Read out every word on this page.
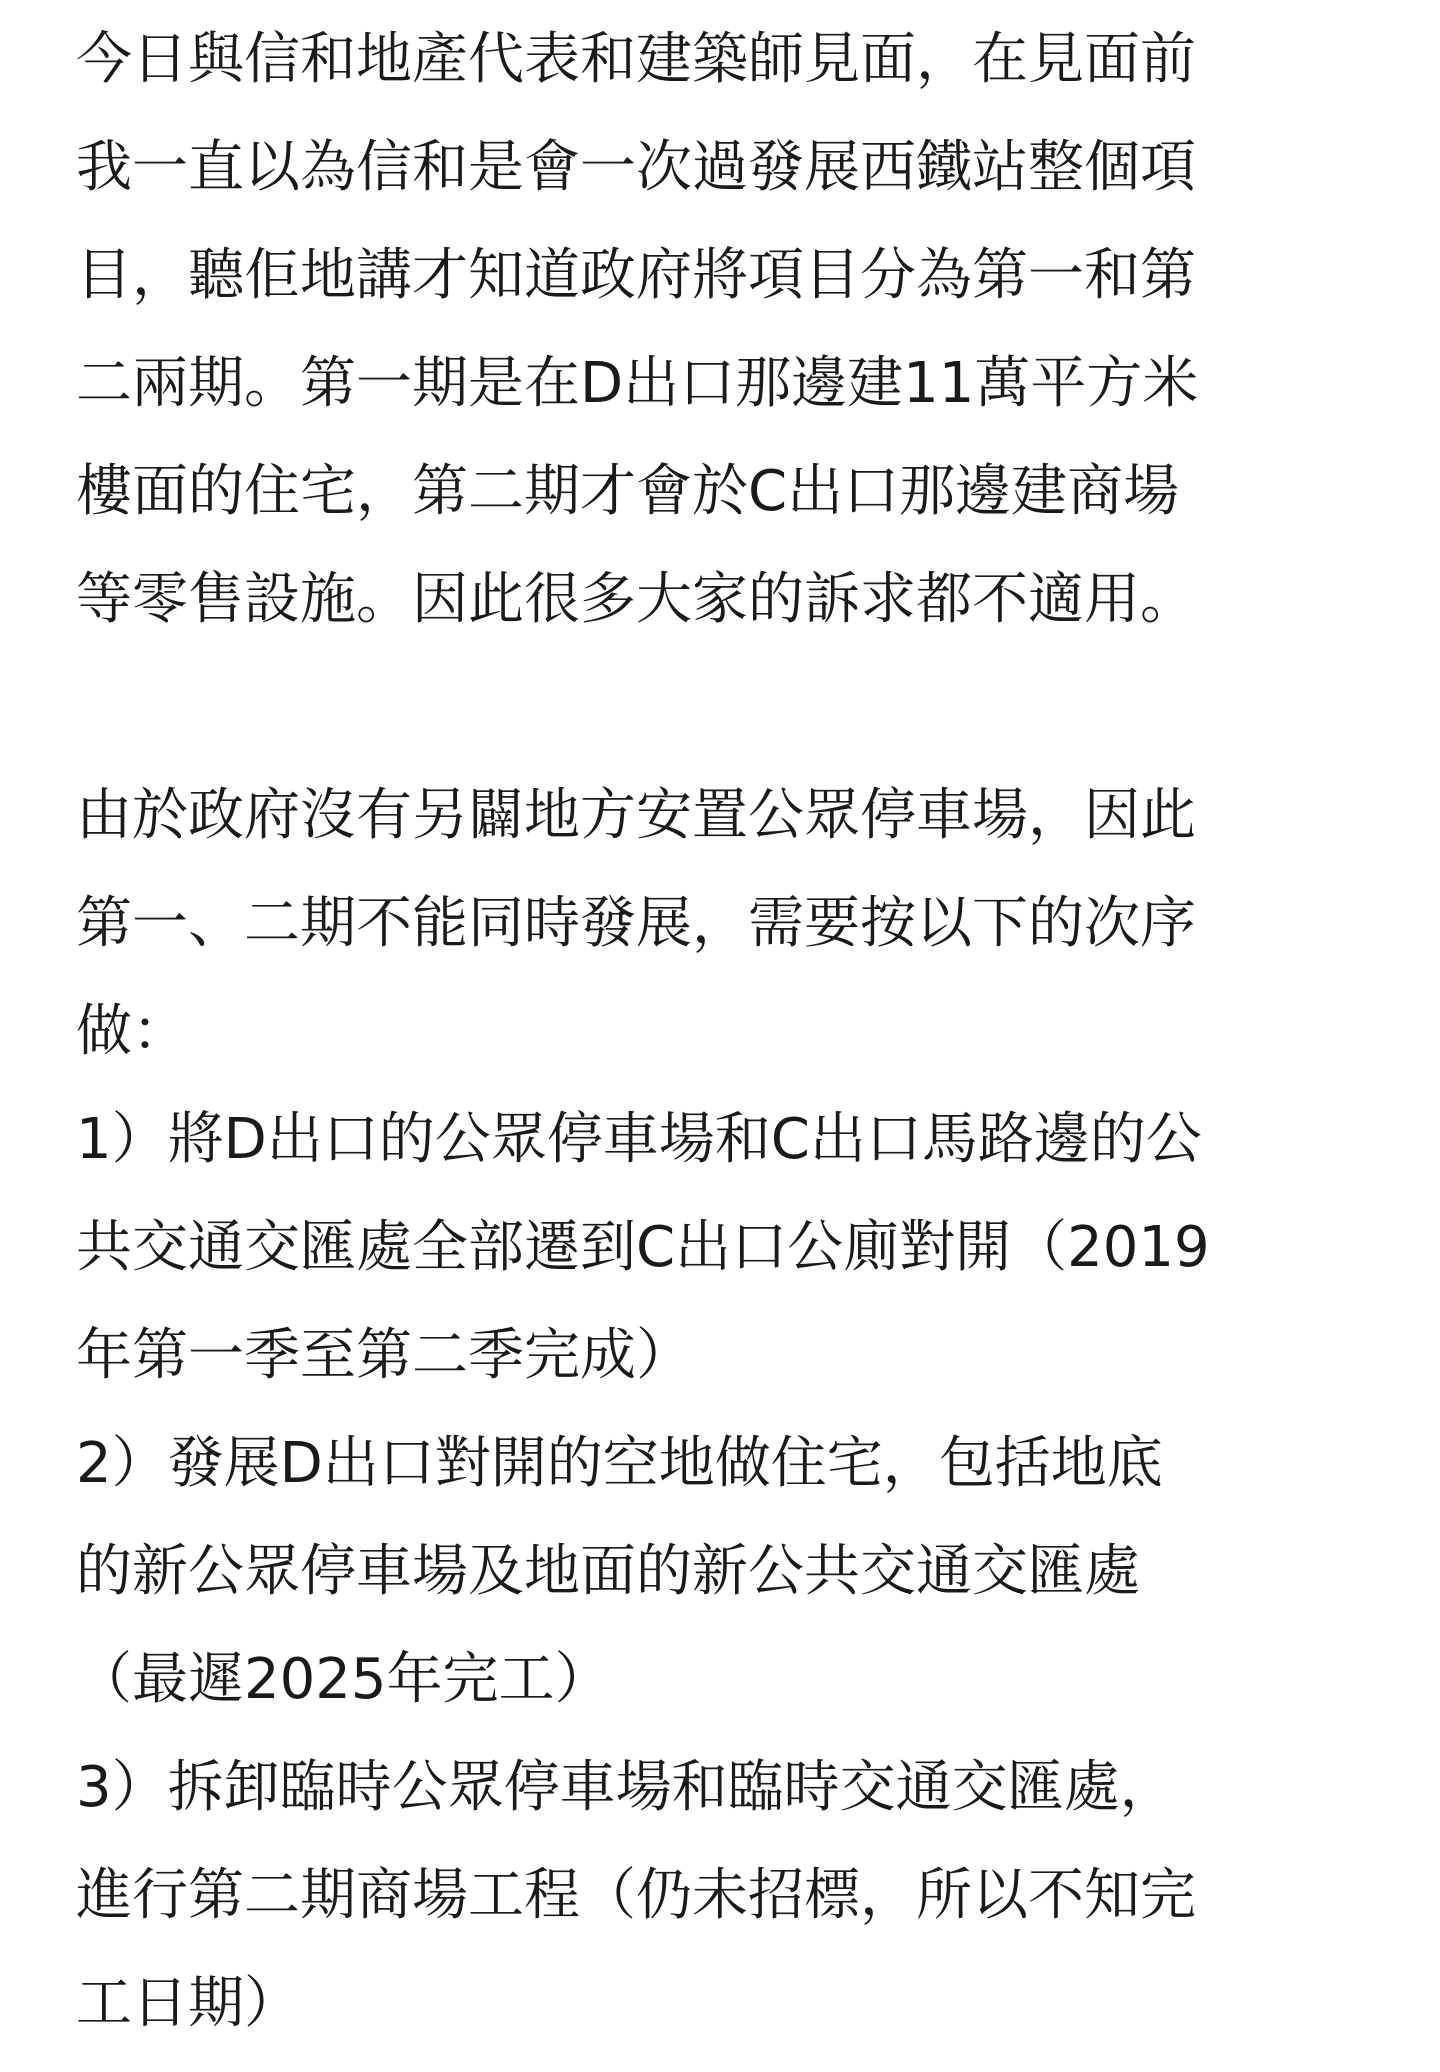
今日與信和地產代表和建築師見面，在見面前
我一直以為信和是會一次過發展西鐵站整個項
目，聽佢地講才知道政府將項目分為第一和第
二兩期。第一期是在D出口那邊建11萬平方米
樓面的住宅，第二期才會於C出口那邊建商場
等零售設施。因此很多大家的訴求都不適用。
由於政府沒有另闢地方安置公眾停車場，因此
第一、二期不能同時發展，需要按以下的次序
做：
1）將D出口的公眾停車場和C出口馬路邊的公
共交通交匯處全部遷到C出口公廁對開（2019
年第一季至第二季完成）
2）發展D出口對開的空地做住宅，包括地底
的新公眾停車場及地面的新公共交通交匯處
（最遲2025年完工）
3）拆卸臨時公眾停車場和臨時交通交匯處，
進行第二期商場工程（仍未招標，所以不知完
工日期）
